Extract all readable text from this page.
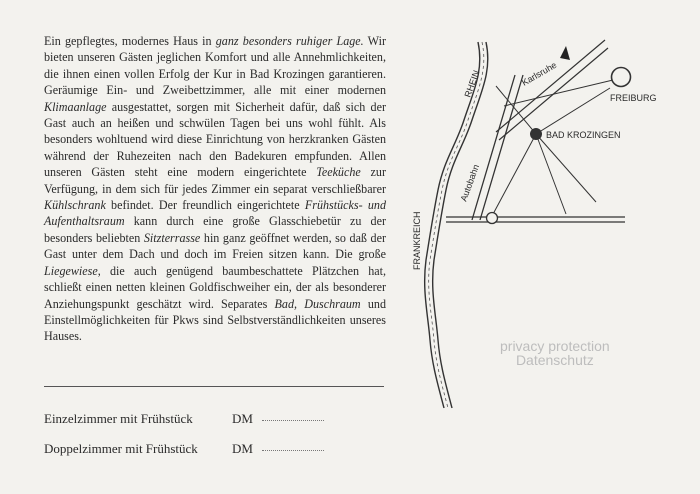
Ein gepflegtes, modernes Haus in ganz besonders ruhiger Lage. Wir bieten unseren Gästen jeglichen Komfort und alle Annehmlichkeiten, die ihnen einen vollen Erfolg der Kur in Bad Krozingen garantieren. Geräumige Ein- und Zweibettzimmer, alle mit einer modernen Klimaanlage ausgestattet, sorgen mit Sicherheit dafür, daß sich der Gast auch an heißen und schwülen Tagen bei uns wohl fühlt. Als besonders wohltuend wird diese Einrichtung von herzkranken Gästen während der Ruhezeiten nach den Badekuren empfunden. Allen unseren Gästen steht eine modern eingerichtete Teeküche zur Verfügung, in dem sich für jedes Zimmer ein separat verschließbarer Kühlschrank befindet. Der freundlich eingerichtete Frühstücks- und Aufenthaltsraum kann durch eine große Glasschiebetür zu der besonders beliebten Sitzterrasse hin ganz geöffnet werden, so daß der Gast unter dem Dach und doch im Freien sitzen kann. Die große Liegewiese, die auch genügend baumbeschattete Plätzchen hat, schließt einen netten kleinen Goldfischweiher ein, der als besonderer Anziehungspunkt geschätzt wird. Separates Bad, Duschraum und Einstellmöglichkeiten für Pkws sind Selbstverständlichkeiten unseres Hauses.
Einzelzimmer mit Frühstück	DM
Doppelzimmer mit Frühstück	DM
RHEIN	Karlsruhe
FREIBURG
BAD KROZINGEN
Autobahn
FRANKREICH
privacy protection
Datenschutz
